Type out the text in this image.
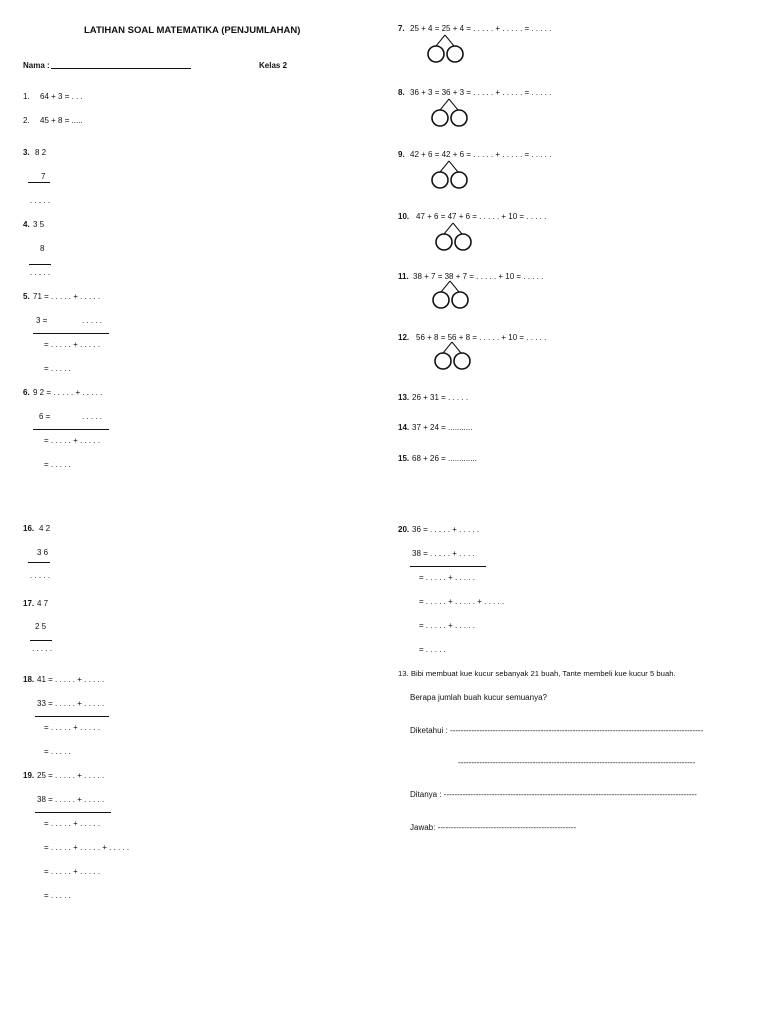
LATIHAN SOAL MATEMATIKA (PENJUMLAHAN)
Nama :	Kelas 2
1. 64 + 3 = . . .
2. 45 + 8 = .....
3. 8 2
7
. . . . .
4. 3 5
8
. . . . .
5. 71 = . . . . . + . . . . .
3 =	. . . . .
= . . . . . + . . . . .
= . . . . .
6. 9 2 = . . . . . + . . . . .
6 =	. . . . .
= . . . . . + . . . . .
= . . . . .
16. 4 2
3 6
. . . . .
17. 4 7
2 5
. . . . .
18. 41 = . . . . . + . . . . .
33 = . . . . . + . . . . .
= . . . . . + . . . . .
= . . . . .
19. 25 = . . . . . + . . . . .
38 = . . . . . + . . . . .
= . . . . . + . . . . .
= . . . . . + . . . . . + . . . . .
= . . . . . + . . . . .
= . . . . .
7. 25 + 4 = 25 + 4 = . . . . . + . . . . . = . . . . .
8. 36 + 3 = 36 + 3 = . . . . . + . . . . . = . . . . .
9. 42 + 6 = 42 + 6 = . . . . . + . . . . . = . . . . .
10. 47 + 6 = 47 + 6 = . . . . . + 10 = . . . . .
11. 38 + 7 = 38 + 7 = . . . . . + 10 = . . . . .
12. 56 + 8 = 56 + 8 = . . . . . + 10 = . . . . .
13. 26 + 31 = . . . . .
14. 37 + 24 = ...........
15. 68 + 26 = .............
20. 36 = . . . . . + . . . . .
38 = . . . . . + . . . .
= . . . . . + . . . . .
= . . . . . + . . . . . + . . . . .
= . . . . . + . . . . .
= . . . . .
13. Bibi membuat kue kucur sebanyak 21 buah, Tante membeli kue kucur 5 buah.
Berapa jumlah buah kucur semuanya?
Diketahui : -----------------------------------------------------------------------------------------------
-----------------------------------------------------------------------------------------
Ditanya : -----------------------------------------------------------------------------------------------
Jawab: ----------------------------------------------------
